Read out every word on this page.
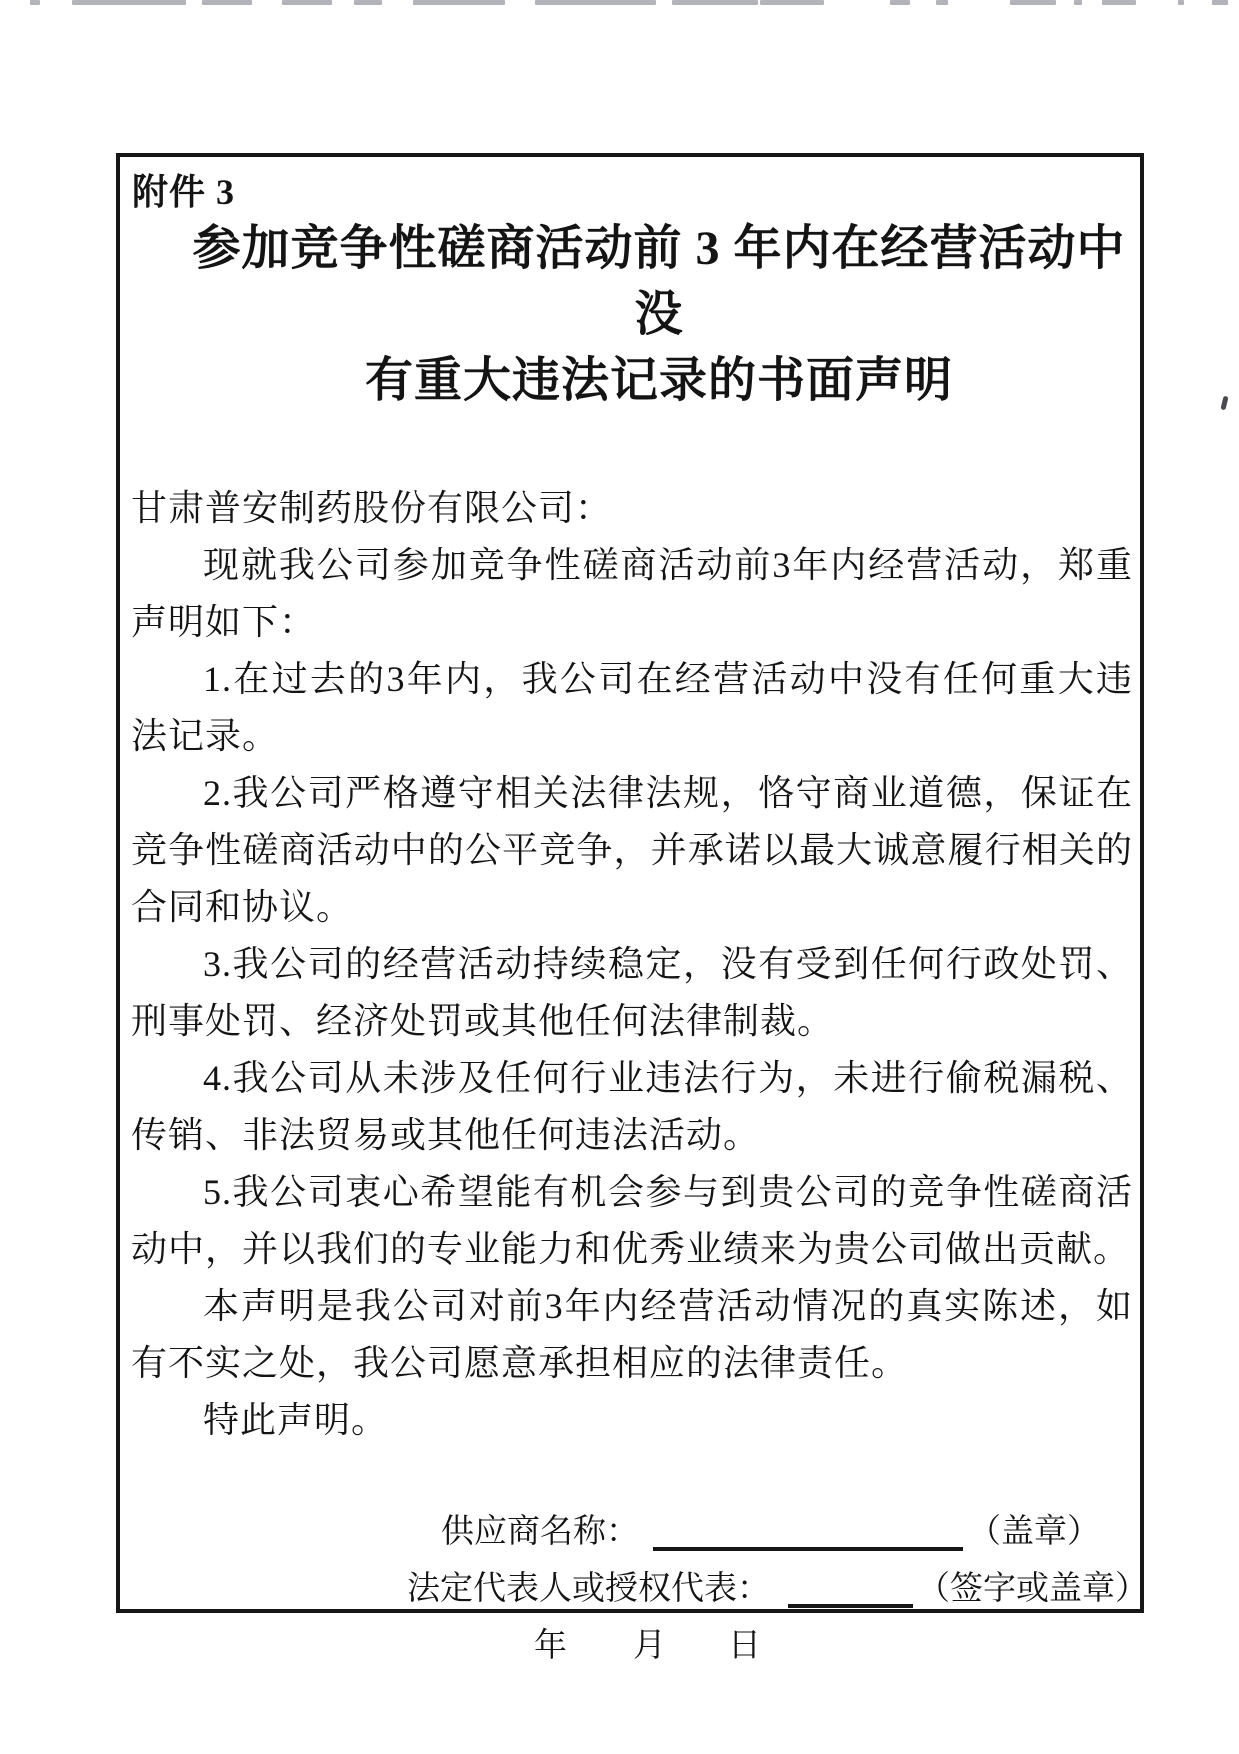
附件 3
参加竞争性磋商活动前 3 年内在经营活动中没
有重大违法记录的书面声明

甘肃普安制药股份有限公司：

现就我公司参加竞争性磋商活动前3年内经营活动，郑重声明如下：

1.在过去的3年内，我公司在经营活动中没有任何重大违法记录。

2.我公司严格遵守相关法律法规，恪守商业道德，保证在竞争性磋商活动中的公平竞争，并承诺以最大诚意履行相关的合同和协议。

3.我公司的经营活动持续稳定，没有受到任何行政处罚、刑事处罚、经济处罚或其他任何法律制裁。

4.我公司从未涉及任何行业违法行为，未进行偷税漏税、传销、非法贸易或其他任何违法活动。

5.我公司衷心希望能有机会参与到贵公司的竞争性磋商活动中，并以我们的专业能力和优秀业绩来为贵公司做出贡献。

本声明是我公司对前3年内经营活动情况的真实陈述，如有不实之处，我公司愿意承担相应的法律责任。

特此声明。

供应商名称：	（盖章）
法定代表人或授权代表：	（签字或盖章）
年 月 日
